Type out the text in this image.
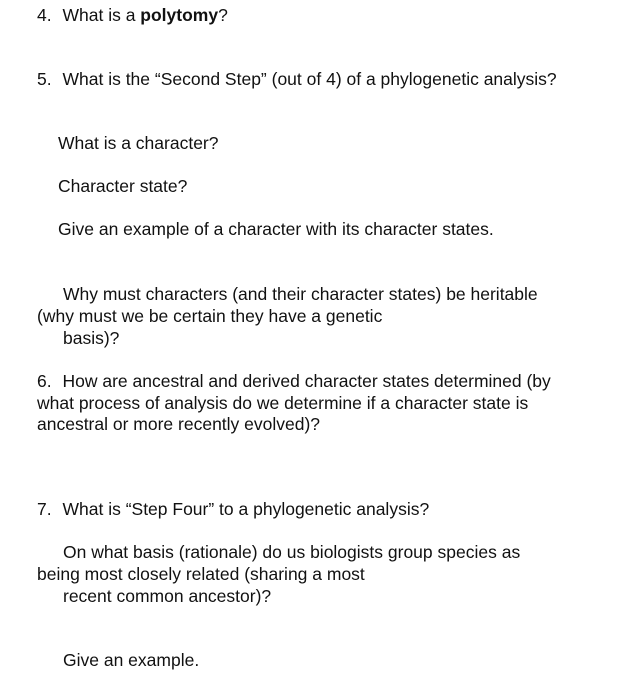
4. What is a polytomy?
5. What is the “Second Step” (out of 4) of a phylogenetic analysis?
What is a character?
Character state?
Give an example of a character with its character states.
Why must characters (and their character states) be heritable
(why must we be certain they have a genetic
basis)?
6. How are ancestral and derived character states determined (by
what process of analysis do we determine if a character state is
ancestral or more recently evolved)?
7. What is “Step Four” to a phylogenetic analysis?
On what basis (rationale) do us biologists group species as
being most closely related (sharing a most
recent common ancestor)?
Give an example.
